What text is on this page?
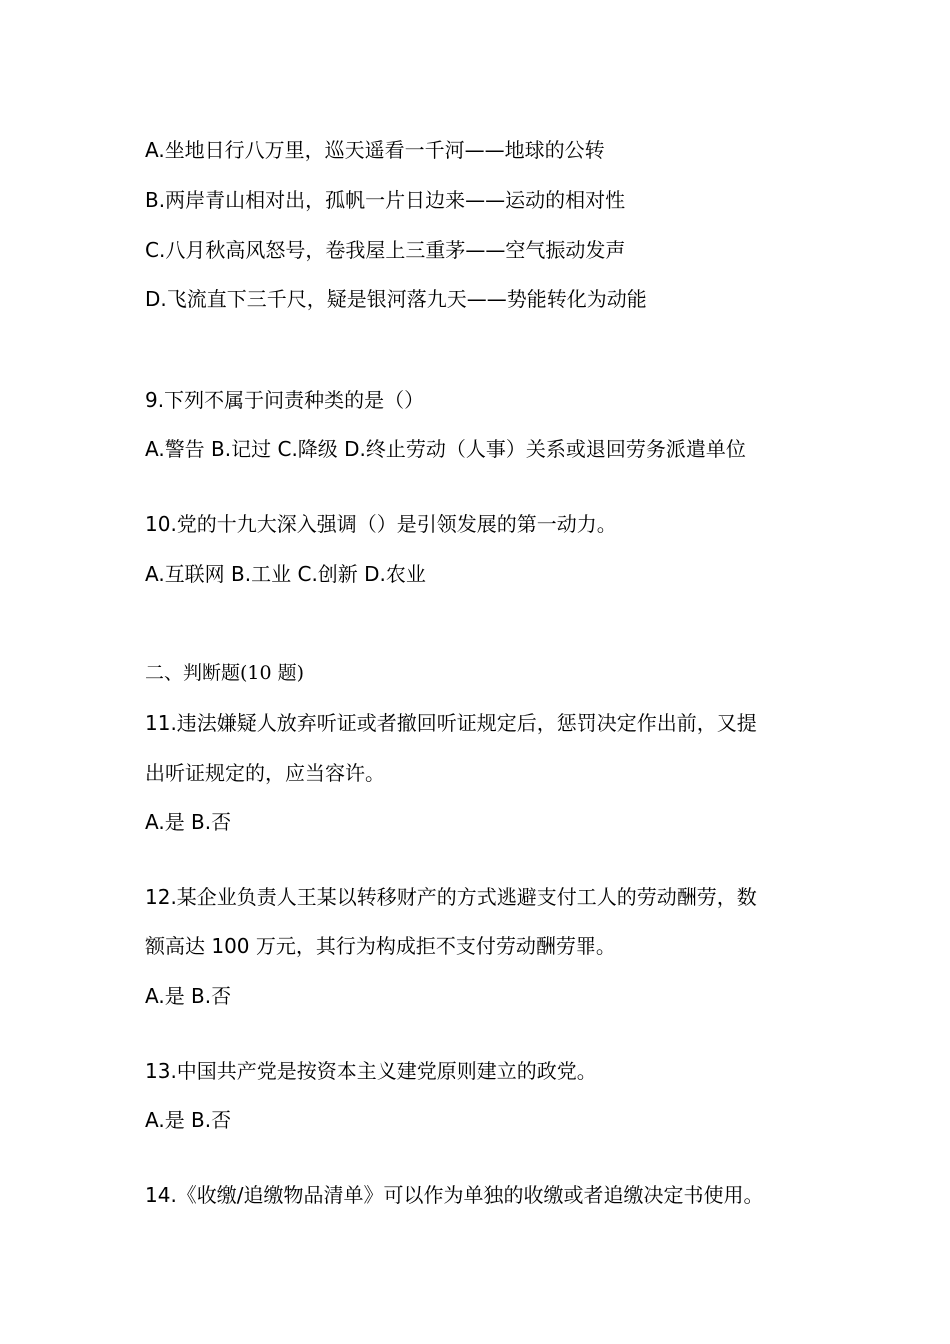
A.坐地日行八万里，巡天遥看一千河——地球的公转
B.两岸青山相对出，孤帆一片日边来——运动的相对性
C.八月秋高风怒号，卷我屋上三重茅——空气振动发声
D.飞流直下三千尺，疑是银河落九天——势能转化为动能
9.下列不属于问责种类的是（）
A.警告 B.记过 C.降级 D.终止劳动（人事）关系或退回劳务派遣单位
10.党的十九大深入强调（）是引领发展的第一动力。
A.互联网 B.工业 C.创新 D.农业
二、判断题(10 题)
11.违法嫌疑人放弃听证或者撤回听证规定后，惩罚决定作出前，又提
出听证规定的，应当容许。
A.是 B.否
12.某企业负责人王某以转移财产的方式逃避支付工人的劳动酬劳，数
额高达 100 万元，其行为构成拒不支付劳动酬劳罪。
A.是 B.否
13.中国共产党是按资本主义建党原则建立的政党。
A.是 B.否
14.《收缴/追缴物品清单》可以作为单独的收缴或者追缴决定书使用。
